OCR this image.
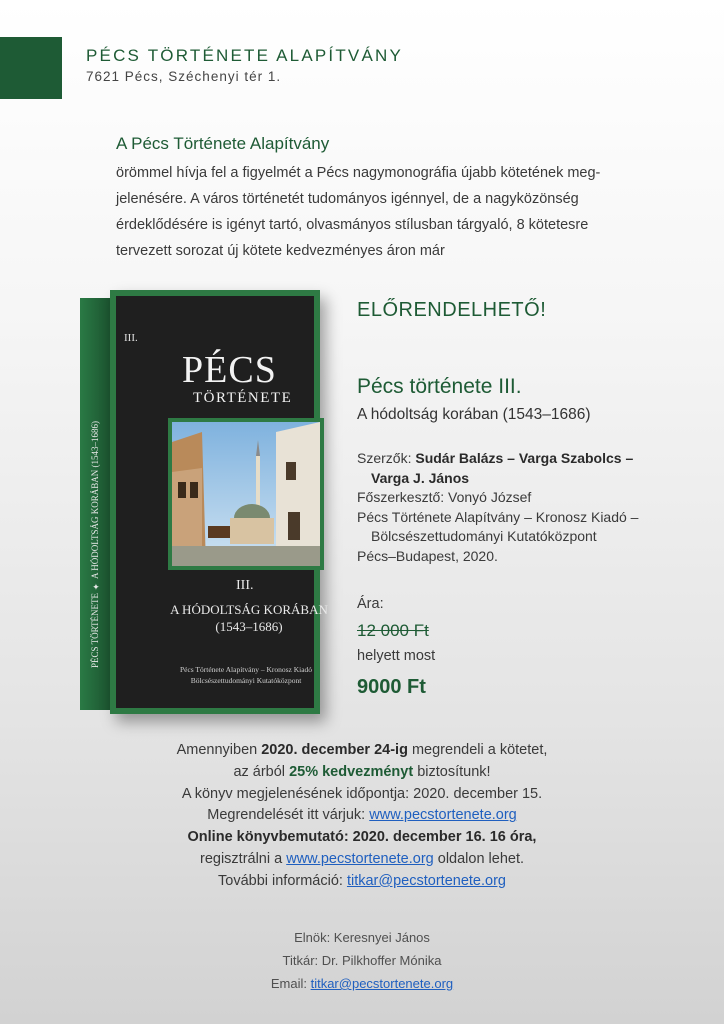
PÉCS TÖRTÉNETE ALAPÍTVÁNY
7621 Pécs, Széchenyi tér 1.
A Pécs Története Alapítvány
örömmel hívja fel a figyelmét a Pécs nagymonográfia újabb kötetének meg-
jelenésére. A város történetét tudományos igénnyel, de a nagyközönség
érdeklődésére is igényt tartó, olvasmányos stílusban tárgyaló, 8 kötetesre
tervezett sorozat új kötete kedvezményes áron már
PÉCS TÖRTÉNETE ✦ A HÓDOLTSÁG KORÁBAN (1543–1686)
III.
PÉCS
TÖRTÉNETE
III.
A HÓDOLTSÁG KORÁBAN
(1543–1686)
Pécs Története Alapítvány – Kronosz Kiadó
Bölcsészettudományi Kutatóközpont
ELŐRENDELHETŐ!
Pécs története III.
A hódoltság korában (1543–1686)
Szerzők: Sudár Balázs – Varga Szabolcs –
Varga J. János
Főszerkesztő: Vonyó József
Pécs Története Alapítvány – Kronosz Kiadó –
Bölcsészettudományi Kutatóközpont
Pécs–Budapest, 2020.
Ára:
12 000 Ft
helyett most
9000 Ft
Amennyiben 2020. december 24-ig megrendeli a kötetet,
az árból 25% kedvezményt biztosítunk!
A könyv megjelenésének időpontja: 2020. december 15.
Megrendelését itt várjuk: www.pecstortenete.org
Online könyvbemutató: 2020. december 16. 16 óra,
regisztrálni a www.pecstortenete.org oldalon lehet.
További információ: titkar@pecstortenete.org
Elnök: Keresnyei János
Titkár: Dr. Pilkhoffer Mónika
Email: titkar@pecstortenete.org
